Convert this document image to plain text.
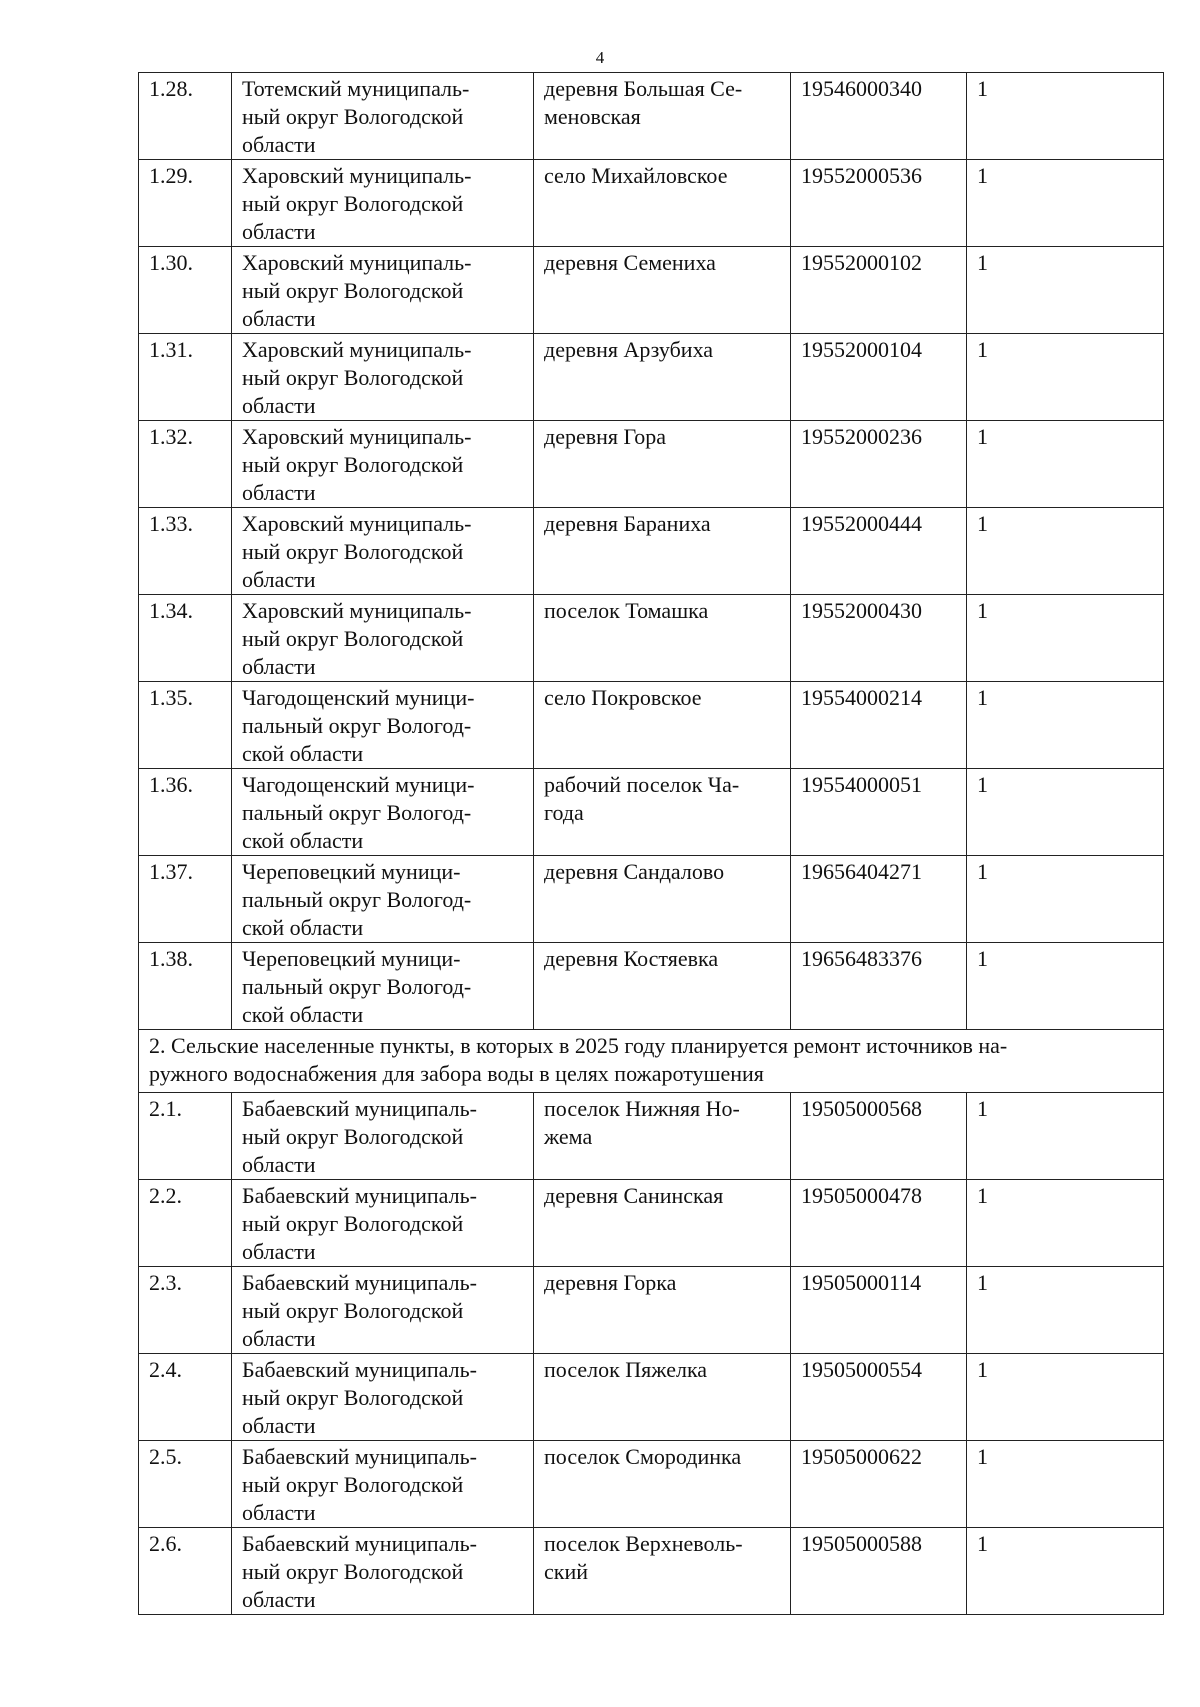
4
1.28.	Тотемский муниципаль-
ный округ Вологодской
области	деревня Большая Се-
меновская	19546000340	1
1.29.	Харовский муниципаль-
ный округ Вологодской
области	село Михайловское	19552000536	1
1.30.	Харовский муниципаль-
ный округ Вологодской
области	деревня Семениха	19552000102	1
1.31.	Харовский муниципаль-
ный округ Вологодской
области	деревня Арзубиха	19552000104	1
1.32.	Харовский муниципаль-
ный округ Вологодской
области	деревня Гора	19552000236	1
1.33.	Харовский муниципаль-
ный округ Вологодской
области	деревня Бараниха	19552000444	1
1.34.	Харовский муниципаль-
ный округ Вологодской
области	поселок Томашка	19552000430	1
1.35.	Чагодощенский муници-
пальный округ Вологод-
ской области	село Покровское	19554000214	1
1.36.	Чагодощенский муници-
пальный округ Вологод-
ской области	рабочий поселок Ча-
года	19554000051	1
1.37.	Череповецкий муници-
пальный округ Вологод-
ской области	деревня Сандалово	19656404271	1
1.38.	Череповецкий муници-
пальный округ Вологод-
ской области	деревня Костяевка	19656483376	1
2. Сельские населенные пункты, в которых в 2025 году планируется ремонт источников на-
ружного водоснабжения для забора воды в целях пожаротушения				
2.1.	Бабаевский муниципаль-
ный округ Вологодской
области	поселок Нижняя Но-
жема	19505000568	1
2.2.	Бабаевский муниципаль-
ный округ Вологодской
области	деревня Санинская	19505000478	1
2.3.	Бабаевский муниципаль-
ный округ Вологодской
области	деревня Горка	19505000114	1
2.4.	Бабаевский муниципаль-
ный округ Вологодской
области	поселок Пяжелка	19505000554	1
2.5.	Бабаевский муниципаль-
ный округ Вологодской
области	поселок Смородинка	19505000622	1
2.6.	Бабаевский муниципаль-
ный округ Вологодской
области	поселок Верхневоль-
ский	19505000588	1
